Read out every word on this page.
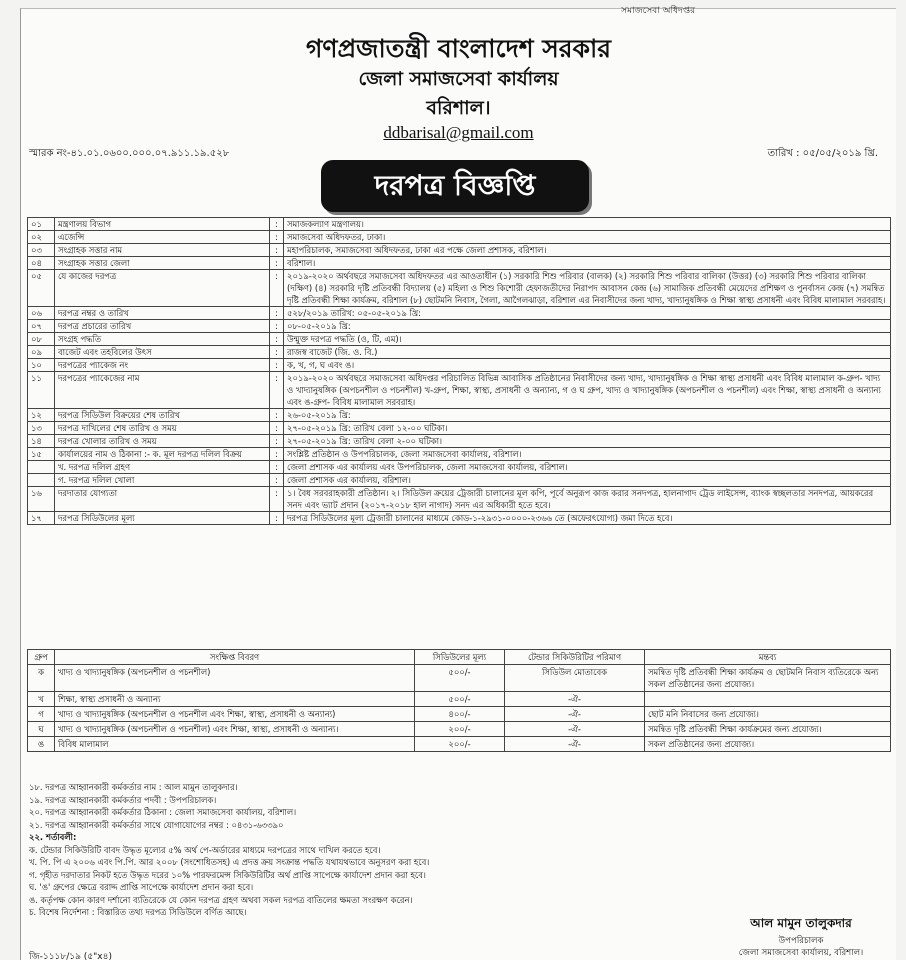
সমাজসেবা অধিদপ্তর
গণপ্রজাতন্ত্রী বাংলাদেশ সরকার
জেলা সমাজসেবা কার্যালয়
বরিশাল।
ddbarisal@gmail.com
স্মারক নং-৪১.০১.০৬০০.০০০.০৭.৯১১.১৯.৫২৮	তারিখ : ০৫/০৫/২০১৯ খ্রি.
দরপত্র বিজ্ঞপ্তি
০১	মন্ত্রণালয় বিভাগ	:	সমাজকল্যাণ মন্ত্রণালয়।
০২	এজেন্সি	:	সমাজসেবা অধিদফতর, ঢাকা।
০৩	সংগ্রাহক সত্তার নাম	:	মহাপরিচালক, সমাজসেবা অধিদফতর, ঢাকা এর পক্ষে জেলা প্রশাসক, বরিশাল।
০৪	সংগ্রাহক সত্তার জেলা	:	বরিশাল।
০৫	যে কাজের দরপত্র	:	২০১৯-২০২০ অর্থবছরে সমাজসেবা অধিদফতর এর আওতাধীন (১) সরকারি শিশু পরিবার (বালক) (২) সরকারি শিশু পরিবার বালিকা (উত্তর) (৩) সরকারি শিশু পরিবার বালিকা (দক্ষিণ) (৪) সরকারি দৃষ্টি প্রতিবন্ধী বিদ্যালয় (৫) মহিলা ও শিশু কিশোরী হেফাজতীদের নিরাপদ আবাসন কেন্দ্র (৬) সামাজিক প্রতিবন্ধী মেয়েদের প্রশিক্ষণ ও পুনর্বাসন কেন্দ্র (৭) সমন্বিত দৃষ্টি প্রতিবন্ধী শিক্ষা কার্যক্রম, বরিশাল (৮) ছোটমনি নিবাস, গৈলা, আগৈলঝাড়া, বরিশাল এর নিবাসীদের জন্য খাদ্য, খাদ্যানুষঙ্গিক ও শিক্ষা স্বাস্থ্য প্রসাধনী এবং বিবিধ মালামাল সরবরাহ।
০৬	দরপত্র নম্বর ও তারিখ	:	৫২৮/২০১৯ তারিখ: ০৫-০৫-২০১৯ খ্রি:
০৭	দরপত্র প্রচারের তারিখ	:	০৮-০৫-২০১৯ খ্রি:
০৮	সংগ্রহ পদ্ধতি	:	উন্মুক্ত দরপত্র পদ্ধতি (ও, টি, এম)।
০৯	বাজেট এবং তহবিলের উৎস	:	রাজস্ব বাজেট (জি. ও. বি.)
১০	দরপত্রের প্যাকেজ নং	:	ক, খ, গ, ঘ এবং ঙ।
১১	দরপত্রের প্যাকেজের নাম	:	২০১৯-২০২০ অর্থবছরে সমাজসেবা অধিদপ্তর পরিচালিত বিভিন্ন আবাসিক প্রতিষ্ঠানের নিবাসীদের জন্য খাদ্য, খাদ্যানুষঙ্গিক ও শিক্ষা স্বাস্থ্য প্রসাধনী এবং বিবিধ মালামাল ক-গ্রুপ- খাদ্য ও খাদ্যানুষঙ্গিক (অপচনশীল ও পচনশীল) খ-গ্রুপ, শিক্ষা, স্বাস্থ্য, প্রসাধনী ও অন্যান্য, গ ও ঘ গ্রুপ, খাদ্য ও খাদ্যানুষঙ্গিক (অপচনশীল ও পচনশীল) এবং শিক্ষা, স্বাস্থ্য প্রসাধনী ও অন্যান্য এবং ঙ-গ্রুপ- বিবিধ মালামাল সরবরাহ।
১২	দরপত্র সিডিউল বিক্রয়ের শেষ তারিখ	:	২৬-০৫-২০১৯ খ্রি:
১৩	দরপত্র দাখিলের শেষ তারিখ ও সময়	:	২৭-০৫-২০১৯ খ্রি: তারিখ বেলা ১২-০০ ঘটিকা।
১৪	দরপত্র খোলার তারিখ ও সময়	:	২৭-০৫-২০১৯ খ্রি: তারিখ বেলা ২-০০ ঘটিকা।
১৫	কার্যালয়ের নাম ও ঠিকানা :- ক. মূল দরপত্র দলিল বিক্রয়	:	সংশ্লিষ্ট প্রতিষ্ঠান ও উপপরিচালক, জেলা সমাজসেবা কার্যালয়, বরিশাল।
	খ. দরপত্র দলিল গ্রহণ	:	জেলা প্রশাসক এর কার্যালয় এবং উপপরিচালক, জেলা সমাজসেবা কার্যালয়, বরিশাল।
	গ. দরপত্র দলিল খোলা	:	জেলা প্রশাসক এর কার্যালয়, বরিশাল।
১৬	দরদাতার যোগ্যতা	:	১। বৈধ সরবরাহকারী প্রতিষ্ঠান। ২। সিডিউল ক্রয়ের ট্রেজারী চালানের মূল কপি, পূর্বে অনুরূপ কাজ করার সনদপত্র, হালনাগাদ ট্রেড লাইসেন্স, ব্যাংক স্বচ্ছলতার সনদপত্র, আয়করের সনদ এবং ভ্যাট প্রদান (২০১৭-২০১৮ হাল নাগাদ) সনদ এর অধিকারী হতে হবে।
১৭	দরপত্র সিডিউলের মূল্য	:	দরপত্র সিডিউলের মূল্য ট্রেজারী চালানের মাধ্যমে কোড-১-২৯৩১-০০০০-২৩৬৬ তে (অফেরৎযোগ্য) জমা দিতে হবে।
গ্রুপ	সংক্ষিপ্ত বিবরণ	সিডিউলের মূল্য	টেন্ডার সিকিউরিটির পরিমাণ	মন্তব্য
ক	খাদ্য ও খাদ্যানুষঙ্গিক (অপচনশীল ও পচনশীল)	৫০০/-	সিডিউল মোতাবেক	সমন্বিত দৃষ্টি প্রতিবন্ধী শিক্ষা কার্যক্রম ও ছোটমনি নিবাস ব্যতিরেকে অন্য সকল প্রতিষ্ঠানের জন্য প্রযোজ্য।
খ	শিক্ষা, স্বাস্থ্য প্রসাধনী ও অন্যান্য	৫০০/-	-ঐ-	
গ	খাদ্য ও খাদ্যানুষঙ্গিক (অপচনশীল ও পচনশীল এবং শিক্ষা, স্বাস্থ্য, প্রসাধনী ও অন্যান্য)	৪০০/-	-ঐ-	ছোট মনি নিবাসের জন্য প্রযোজ্য।
ঘ	খাদ্য ও খাদ্যানুষঙ্গিক (অপচনশীল ও পচনশীল) এবং শিক্ষা, স্বাস্থ্য, প্রসাধনী ও অন্যান্য।	২০০/-	-ঐ-	সমন্বিত দৃষ্টি প্রতিবন্ধী শিক্ষা কার্যক্রমের জন্য প্রযোজ্য।
ঙ	বিবিধ মালামাল	২০০/-	-ঐ-	সকল প্রতিষ্ঠানের জন্য প্রযোজ্য।
১৮. দরপত্র আহ্বানকারী কর্মকর্তার নাম : আল মামুন তালুকদার।
১৯. দরপত্র আহ্বানকারী কর্মকর্তার পদবী : উপপরিচালক।
২০. দরপত্র আহ্বানকারী কর্মকর্তার ঠিকানা : জেলা সমাজসেবা কার্যালয়, বরিশাল।
২১. দরপত্র আহ্বানকারী কর্মকর্তার সাথে যোগাযোগের নম্বর : ০৪৩১-৬৩৩৯০
২২. শর্তাবলী:
ক. টেন্ডার সিকিউরিটি বাবদ উদ্ধৃত মূল্যের ৫% অর্থ পে-অর্ডারের মাধ্যমে দরপত্রের সাথে দাখিল করতে হবে।
খ. পি. পি এ ২০০৬ এবং পি.পি. আর ২০০৮ (সংশোধিতসহ) এ প্রদত্ত ক্রয় সংক্রান্ত পদ্ধতি যথাযথভাবে অনুসরণ করা হবে।
গ. গৃহীত দরদাতার নিকট হতে উদ্ধৃত দরের ১০% পারফরমেন্স সিকিউরিটির অর্থ প্রাপ্তি সাপেক্ষে কার্যাদেশ প্রদান করা হবে।
ঘ. 'ঙ' গ্রুপের ক্ষেত্রে বরাদ্দ প্রাপ্তি সাপেক্ষে কার্যাদেশ প্রদান করা হবে।
ঙ. কর্তৃপক্ষ কোন কারণ দর্শানো ব্যতিরেকে যে কোন দরপত্র গ্রহণ অথবা সকল দরপত্র বাতিলের ক্ষমতা সংরক্ষণ করেন।
চ. বিশেষ নির্দেশনা : বিস্তারিত তথ্য দরপত্র সিডিউলে বর্ণিত আছে।
আল মামুন তালুকদার
উপপরিচালক
জেলা সমাজসেবা কার্যালয়, বরিশাল।
জি-১১১৮/১৯ (৫"x৪)
